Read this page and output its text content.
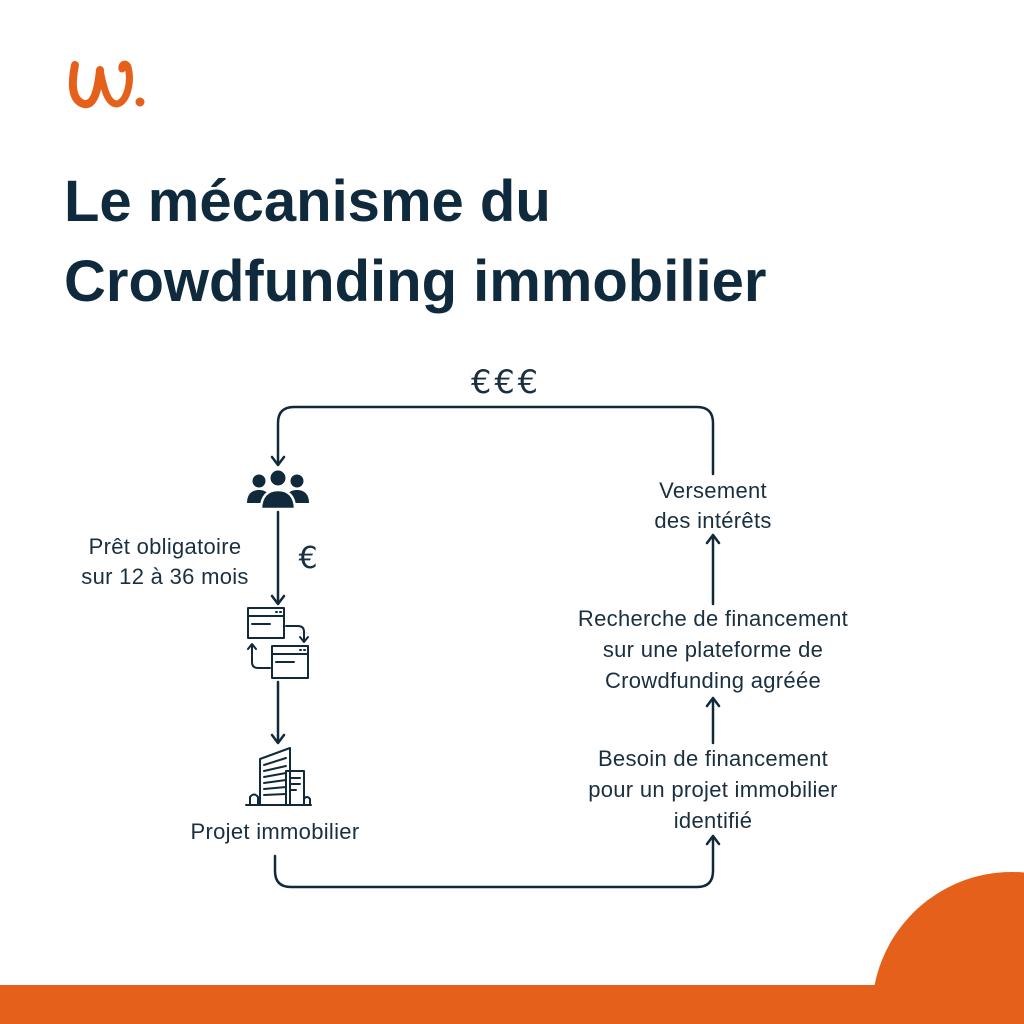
Le mécanisme du
Crowdfunding immobilier
€€€
€
Prêt obligatoire
sur 12 à 36 mois
Projet immobilier
Versement
des intérêts
Recherche de financement
sur une plateforme de
Crowdfunding agréée
Besoin de financement
pour un projet immobilier
identifié
